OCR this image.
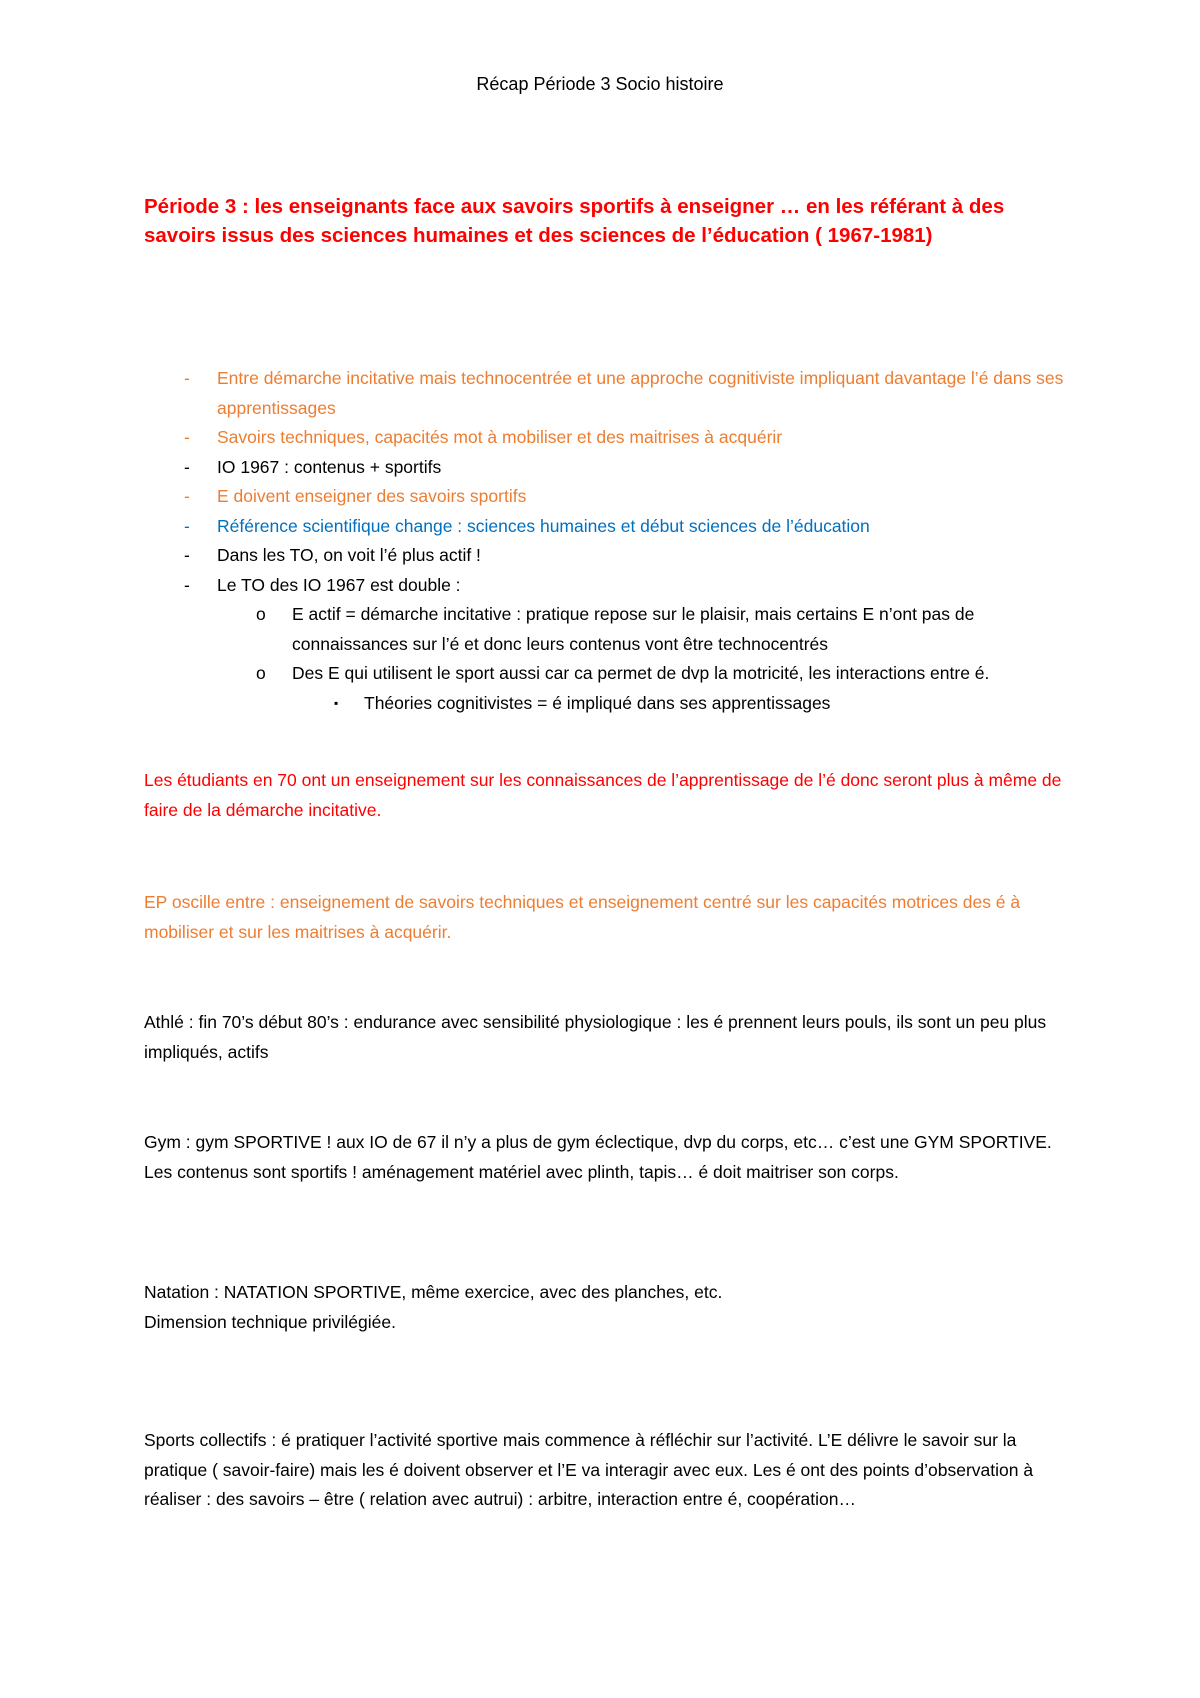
Récap Période 3 Socio histoire
Période 3 : les enseignants face aux savoirs sportifs à enseigner … en les référant à des savoirs issus des sciences humaines et des sciences de l’éducation ( 1967-1981)
- Entre démarche incitative mais technocentrée et une approche cognitiviste impliquant davantage l’é dans ses apprentissages
- Savoirs techniques, capacités mot à mobiliser et des maitrises à acquérir
- IO 1967 : contenus + sportifs
- E doivent enseigner des savoirs sportifs
- Référence scientifique change : sciences humaines et début sciences de l’éducation
- Dans les TO, on voit l’é plus actif !
- Le TO des IO 1967 est double :
o E actif = démarche incitative : pratique repose sur le plaisir, mais certains E n’ont pas de connaissances sur l’é et donc leurs contenus vont être technocentrés
o Des E qui utilisent le sport aussi car ca permet de dvp la motricité, les interactions entre é.
▪ Théories cognitivistes = é impliqué dans ses apprentissages
Les étudiants en 70 ont un enseignement sur les connaissances de l’apprentissage de l’é donc seront plus à même de faire de la démarche incitative.
EP oscille entre : enseignement de savoirs techniques et enseignement centré sur les capacités motrices des é à mobiliser et sur les maitrises à acquérir.
Athlé : fin 70’s début 80’s : endurance avec sensibilité physiologique : les é prennent leurs pouls, ils sont un peu plus impliqués, actifs
Gym : gym SPORTIVE ! aux IO de 67 il n’y a plus de gym éclectique, dvp du corps, etc… c’est une GYM SPORTIVE. Les contenus sont sportifs ! aménagement matériel avec plinth, tapis… é doit maitriser son corps.
Natation : NATATION SPORTIVE, même exercice, avec des planches, etc.
Dimension technique privilégiée.
Sports collectifs : é pratiquer l’activité sportive mais commence à réfléchir sur l’activité. L’E délivre le savoir sur la pratique ( savoir-faire) mais les é doivent observer et l’E va interagir avec eux. Les é ont des points d’observation à réaliser : des savoirs – être ( relation avec autrui) : arbitre, interaction entre é, coopération…
